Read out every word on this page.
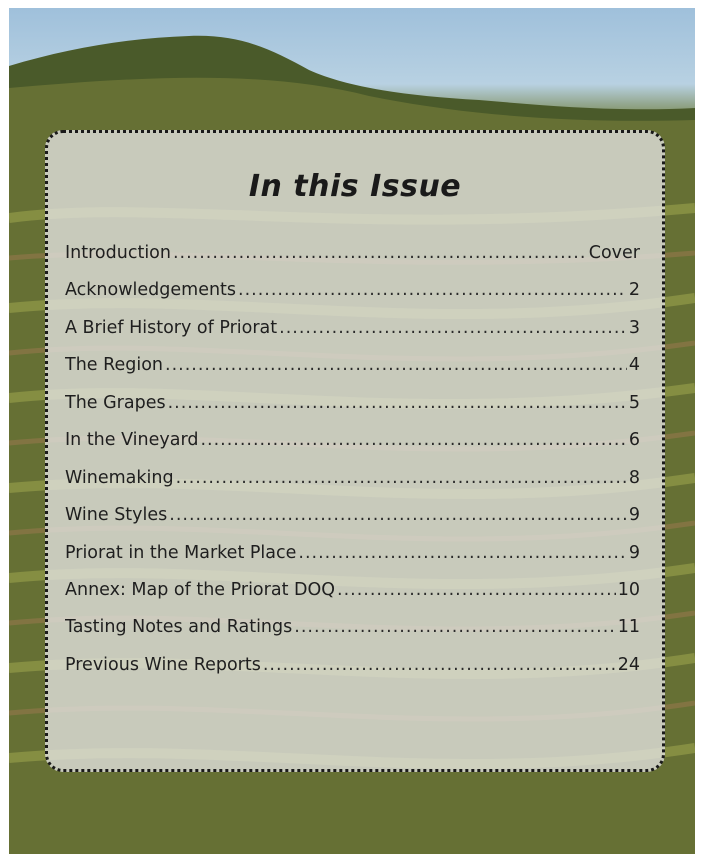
In this Issue
Introduction .....	Cover
Acknowledgements .....	2
A Brief History of Priorat .....	3
The Region .....	4
The Grapes .....	5
In the Vineyard .....	6
Winemaking .....	8
Wine Styles .....	9
Priorat in the Market Place .....	9
Annex: Map of the Priorat DOQ .....	10
Tasting Notes and Ratings .....	11
Previous Wine Reports .....	24
